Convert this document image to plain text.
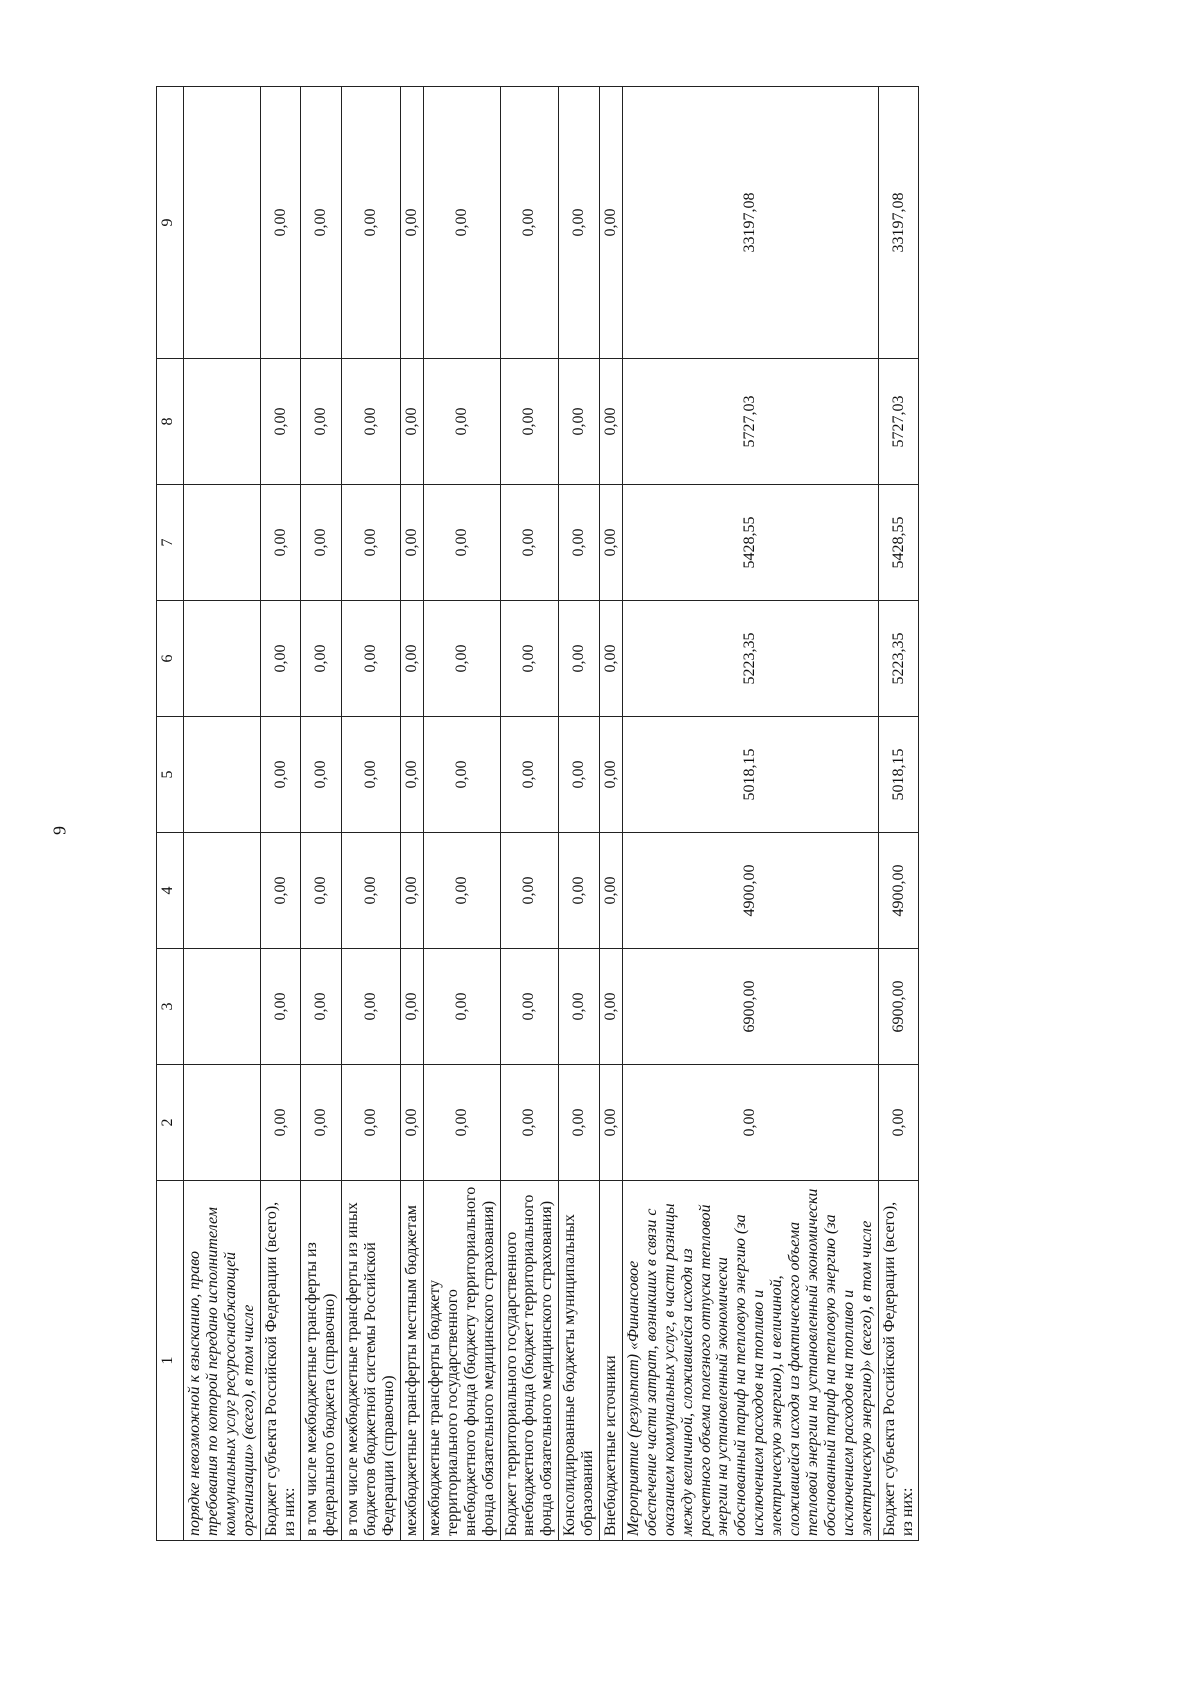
9
1	2	3	4	5	6	7	8	9
порядке невозможной к взысканию, право требования по которой передано исполнителем коммунальных услуг ресурсоснабжающей организации» (всего), в том числе								
Бюджет субъекта Российской Федерации (всего), из них:	0,00	0,00	0,00	0,00	0,00	0,00	0,00	0,00
в том числе межбюджетные трансферты из федерального бюджета (справочно)	0,00	0,00	0,00	0,00	0,00	0,00	0,00	0,00
в том числе межбюджетные трансферты из иных бюджетов бюджетной системы Российской Федерации (справочно)	0,00	0,00	0,00	0,00	0,00	0,00	0,00	0,00
межбюджетные трансферты местным бюджетам	0,00	0,00	0,00	0,00	0,00	0,00	0,00	0,00
межбюджетные трансферты бюджету территориального государственного внебюджетного фонда (бюджету территориального фонда обязательного медицинского страхования)	0,00	0,00	0,00	0,00	0,00	0,00	0,00	0,00
Бюджет территориального государственного внебюджетного фонда (бюджет территориального фонда обязательного медицинского страхования)	0,00	0,00	0,00	0,00	0,00	0,00	0,00	0,00
Консолидированные бюджеты муниципальных образований	0,00	0,00	0,00	0,00	0,00	0,00	0,00	0,00
Внебюджетные источники	0,00	0,00	0,00	0,00	0,00	0,00	0,00	0,00
Мероприятие (результат) «Финансовое обеспечение части затрат, возникших в связи с оказанием коммунальных услуг, в части разницы между величиной, сложившейся исходя из расчетного объема полезного отпуска тепловой энергии на установленный экономически обоснованный тариф на тепловую энергию (за исключением расходов на топливо и электрическую энергию), и величиной, сложившейся исходя из фактического объема тепловой энергии на установленный экономически обоснованный тариф на тепловую энергию (за исключением расходов на топливо и электрическую энергию)» (всего), в том числе	0,00	6900,00	4900,00	5018,15	5223,35	5428,55	5727,03	33197,08
Бюджет субъекта Российской Федерации (всего), из них:	0,00	6900,00	4900,00	5018,15	5223,35	5428,55	5727,03	33197,08
